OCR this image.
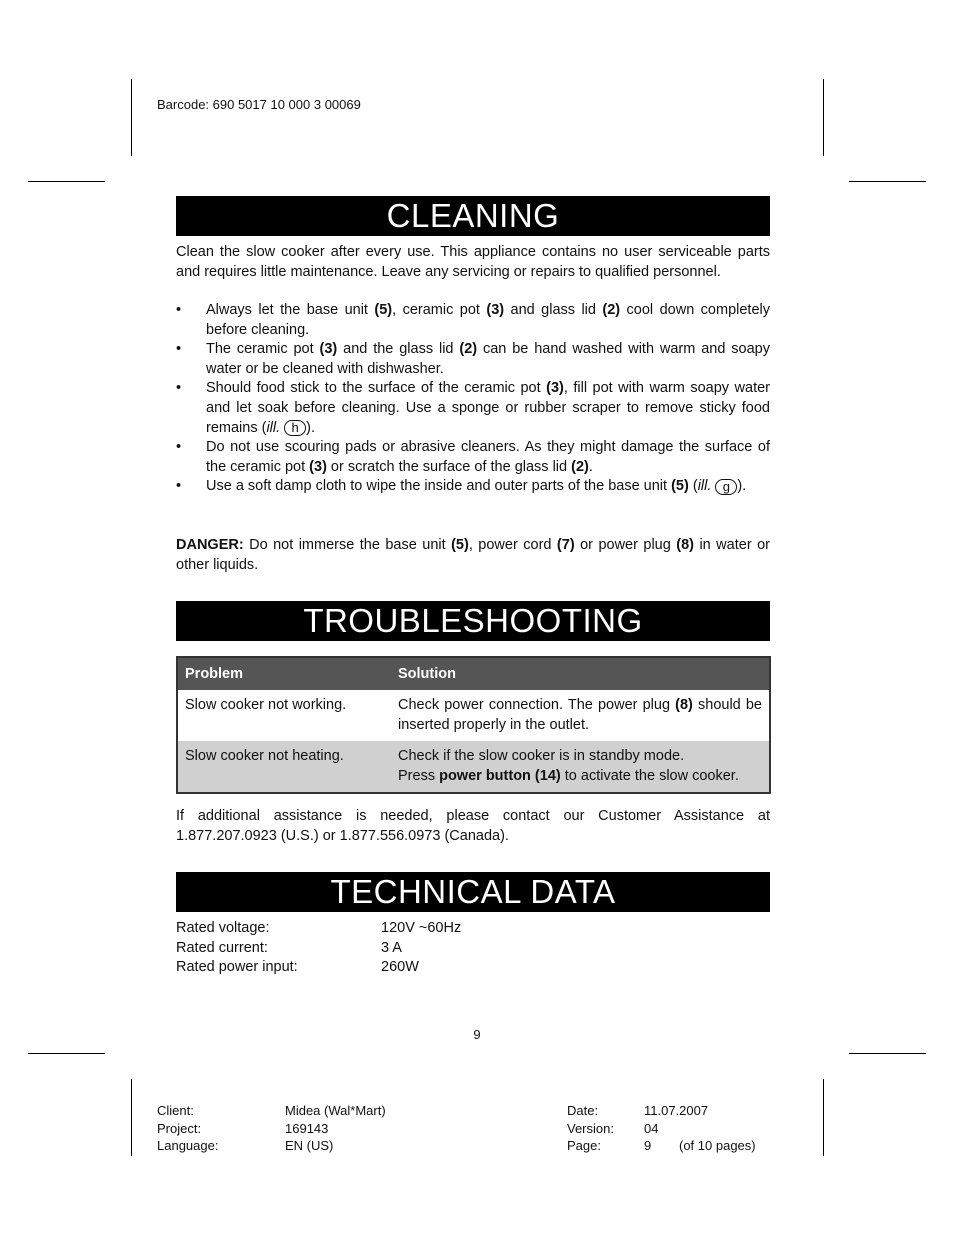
Barcode: 690 5017 10 000 3 00069
CLEANING
Clean the slow cooker after every use. This appliance contains no user serviceable parts and requires little maintenance. Leave any servicing or repairs to qualified personnel.
• Always let the base unit (5), ceramic pot (3) and glass lid (2) cool down completely before cleaning.
• The ceramic pot (3) and the glass lid (2) can be hand washed with warm and soapy water or be cleaned with dishwasher.
• Should food stick to the surface of the ceramic pot (3), fill pot with warm soapy water and let soak before cleaning. Use a sponge or rubber scraper to remove sticky food remains (ill. h ).
• Do not use scouring pads or abrasive cleaners. As they might damage the surface of the ceramic pot (3) or scratch the surface of the glass lid (2).
• Use a soft damp cloth to wipe the inside and outer parts of the base unit (5) (ill. g ).
DANGER: Do not immerse the base unit (5), power cord (7) or power plug (8) in water or other liquids.
TROUBLESHOOTING
Problem	Solution
Slow cooker not working.	Check power connection. The power plug (8) should be inserted properly in the outlet.
Slow cooker not heating.	Check if the slow cooker is in standby mode.
Press power button (14) to activate the slow cooker.
If additional assistance is needed, please contact our Customer Assistance at 1.877.207.0923 (U.S.) or 1.877.556.0973 (Canada).
TECHNICAL DATA
Rated voltage:	120V ~60Hz
Rated current:	3 A
Rated power input:	260W
9
Client:	Midea (Wal*Mart)
Project:	169143
Language:	EN (US)
Date:	11.07.2007
Version:	04
Page:	9	(of 10 pages)
